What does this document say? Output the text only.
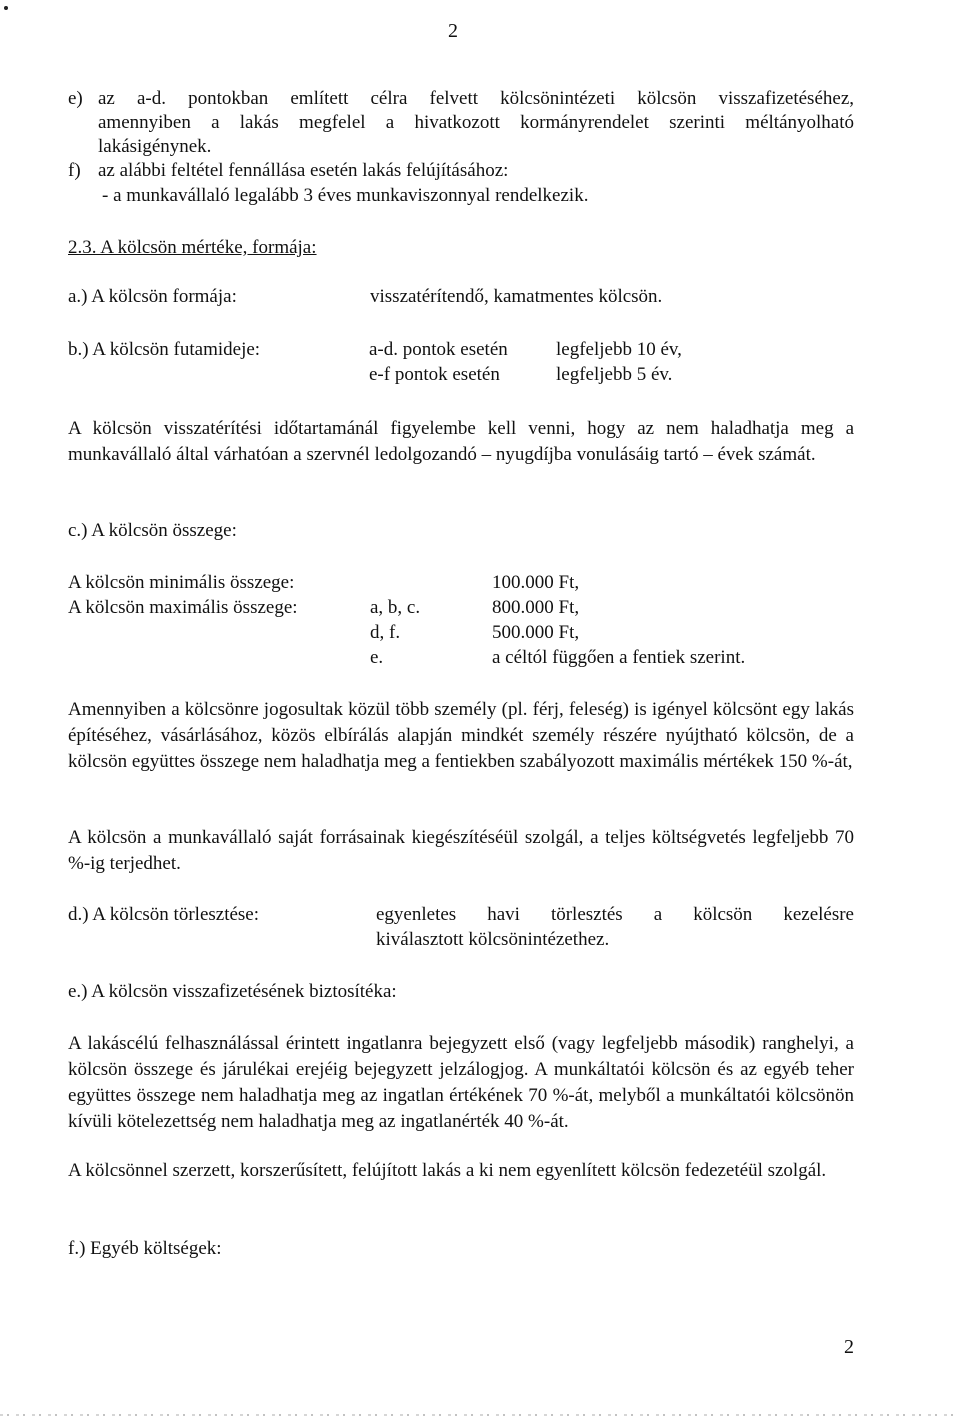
2
e) az a-d. pontokban említett célra felvett kölcsönintézeti kölcsön visszafizetéséhez,
amennyiben a lakás megfelel a hivatkozott kormányrendelet szerinti méltányolható
lakásigénynek.
f) az alábbi feltétel fennállása esetén lakás felújításához:
- a munkavállaló legalább 3 éves munkaviszonnyal rendelkezik.
2.3. A kölcsön mértéke, formája:
a.) A kölcsön formája:	visszatérítendő, kamatmentes kölcsön.
b.) A kölcsön futamideje:	a-d. pontok esetén	legfeljebb 10 év,
e-f pontok esetén	legfeljebb 5 év.
A kölcsön visszatérítési időtartamánál figyelembe kell venni, hogy az nem haladhatja meg a munkavállaló által várhatóan a szervnél ledolgozandó – nyugdíjba vonulásáig tartó – évek számát.
c.) A kölcsön összege:
A kölcsön minimális összege:	100.000 Ft,
A kölcsön maximális összege:	a, b, c.	800.000 Ft,
d, f.	500.000 Ft,
e.	a céltól függően a fentiek szerint.
Amennyiben a kölcsönre jogosultak közül több személy (pl. férj, feleség) is igényel kölcsönt egy lakás építéséhez, vásárlásához, közös elbírálás alapján mindkét személy részére nyújtható kölcsön, de a kölcsön együttes összege nem haladhatja meg a fentiekben szabályozott maximális mértékek 150 %-át,
A kölcsön a munkavállaló saját forrásainak kiegészítéséül szolgál, a teljes költségvetés legfeljebb 70 %-ig terjedhet.
d.) A kölcsön törlesztése:	egyenletes havi törlesztés a kölcsön kezelésre
kiválasztott kölcsönintézethez.
e.) A kölcsön visszafizetésének biztosítéka:
A lakáscélú felhasználással érintett ingatlanra bejegyzett első (vagy legfeljebb második) ranghelyi, a kölcsön összege és járulékai erejéig bejegyzett jelzálogjog. A munkáltatói kölcsön és az egyéb teher együttes összege nem haladhatja meg az ingatlan értékének 70 %-át, melyből a munkáltatói kölcsönön kívüli kötelezettség nem haladhatja meg az ingatlanérték 40 %-át.
A kölcsönnel szerzett, korszerűsített, felújított lakás a ki nem egyenlített kölcsön fedezetéül szolgál.
f.) Egyéb költségek:
2
